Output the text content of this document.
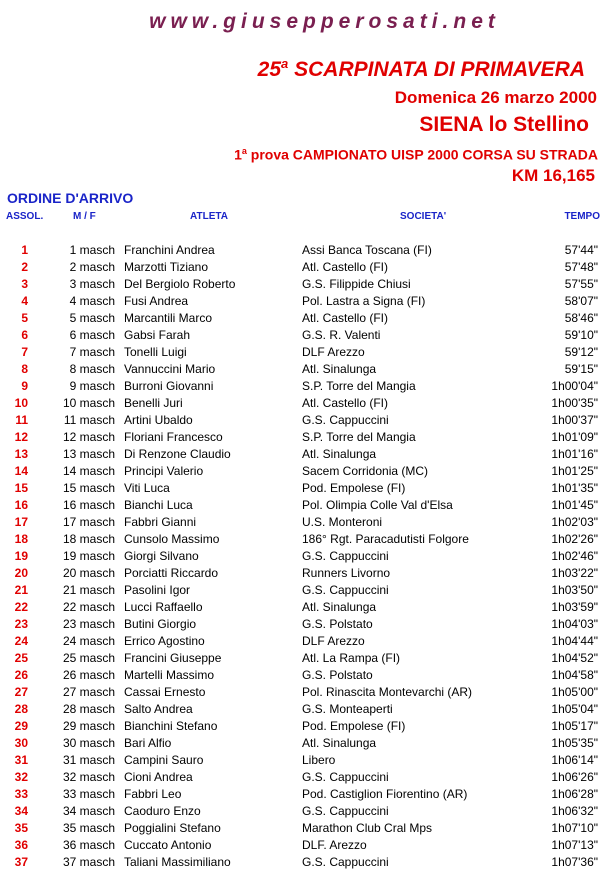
www.giusepperosati.net
25$^a$ SCARPINATA DI PRIMAVERA
Domenica 26 marzo 2000
SIENA lo Stellino
1$^a$ prova CAMPIONATO UISP 2000 CORSA SU STRADA
KM 16,165
ORDINE D'ARRIVO
ASSOL.	M / F	ATLETA	SOCIETA'	TEMPO
1	1 masch Franchini Andrea	Assi Banca Toscana (FI)	57'44"
2	2 masch Marzotti Tiziano	Atl. Castello (FI)	57'48"
3	3 masch Del Bergiolo Roberto	G.S. Filippide Chiusi	57'55"
4	4 masch Fusi Andrea	Pol. Lastra a Signa (FI)	58'07"
5	5 masch Marcantili Marco	Atl. Castello (FI)	58'46"
6	6 masch Gabsi Farah	G.S. R. Valenti	59'10"
7	7 masch Tonelli Luigi	DLF Arezzo	59'12"
8	8 masch Vannuccini Mario	Atl. Sinalunga	59'15"
9	9 masch Burroni Giovanni	S.P. Torre del Mangia	1h00'04"
10	10 masch Benelli Juri	Atl. Castello (FI)	1h00'35"
11	11 masch Artini Ubaldo	G.S. Cappuccini	1h00'37"
12	12 masch Floriani Francesco	S.P. Torre del Mangia	1h01'09"
13	13 masch Di Renzone Claudio	Atl. Sinalunga	1h01'16"
14	14 masch Principi Valerio	Sacem Corridonia (MC)	1h01'25"
15	15 masch Viti Luca	Pod. Empolese (FI)	1h01'35"
16	16 masch Bianchi Luca	Pol. Olimpia Colle Val d'Elsa	1h01'45"
17	17 masch Fabbri Gianni	U.S. Monteroni	1h02'03"
18	18 masch Cunsolo Massimo	186° Rgt. Paracadutisti Folgore	1h02'26"
19	19 masch Giorgi Silvano	G.S. Cappuccini	1h02'46"
20	20 masch Porciatti Riccardo	Runners Livorno	1h03'22"
21	21 masch Pasolini Igor	G.S. Cappuccini	1h03'50"
22	22 masch Lucci Raffaello	Atl. Sinalunga	1h03'59"
23	23 masch Butini Giorgio	G.S. Polstato	1h04'03"
24	24 masch Errico Agostino	DLF Arezzo	1h04'44"
25	25 masch Francini Giuseppe	Atl. La Rampa (FI)	1h04'52"
26	26 masch Martelli Massimo	G.S. Polstato	1h04'58"
27	27 masch Cassai Ernesto	Pol. Rinascita Montevarchi (AR)	1h05'00"
28	28 masch Salto Andrea	G.S. Monteaperti	1h05'04"
29	29 masch Bianchini Stefano	Pod. Empolese (FI)	1h05'17"
30	30 masch Bari Alfio	Atl. Sinalunga	1h05'35"
31	31 masch Campini Sauro	Libero	1h06'14"
32	32 masch Cioni Andrea	G.S. Cappuccini	1h06'26"
33	33 masch Fabbri Leo	Pod. Castiglion Fiorentino (AR)	1h06'28"
34	34 masch Caoduro Enzo	G.S. Cappuccini	1h06'32"
35	35 masch Poggialini Stefano	Marathon Club Cral Mps	1h07'10"
36	36 masch Cuccato Antonio	DLF. Arezzo	1h07'13"
37	37 masch Taliani Massimiliano	G.S. Cappuccini	1h07'36"
